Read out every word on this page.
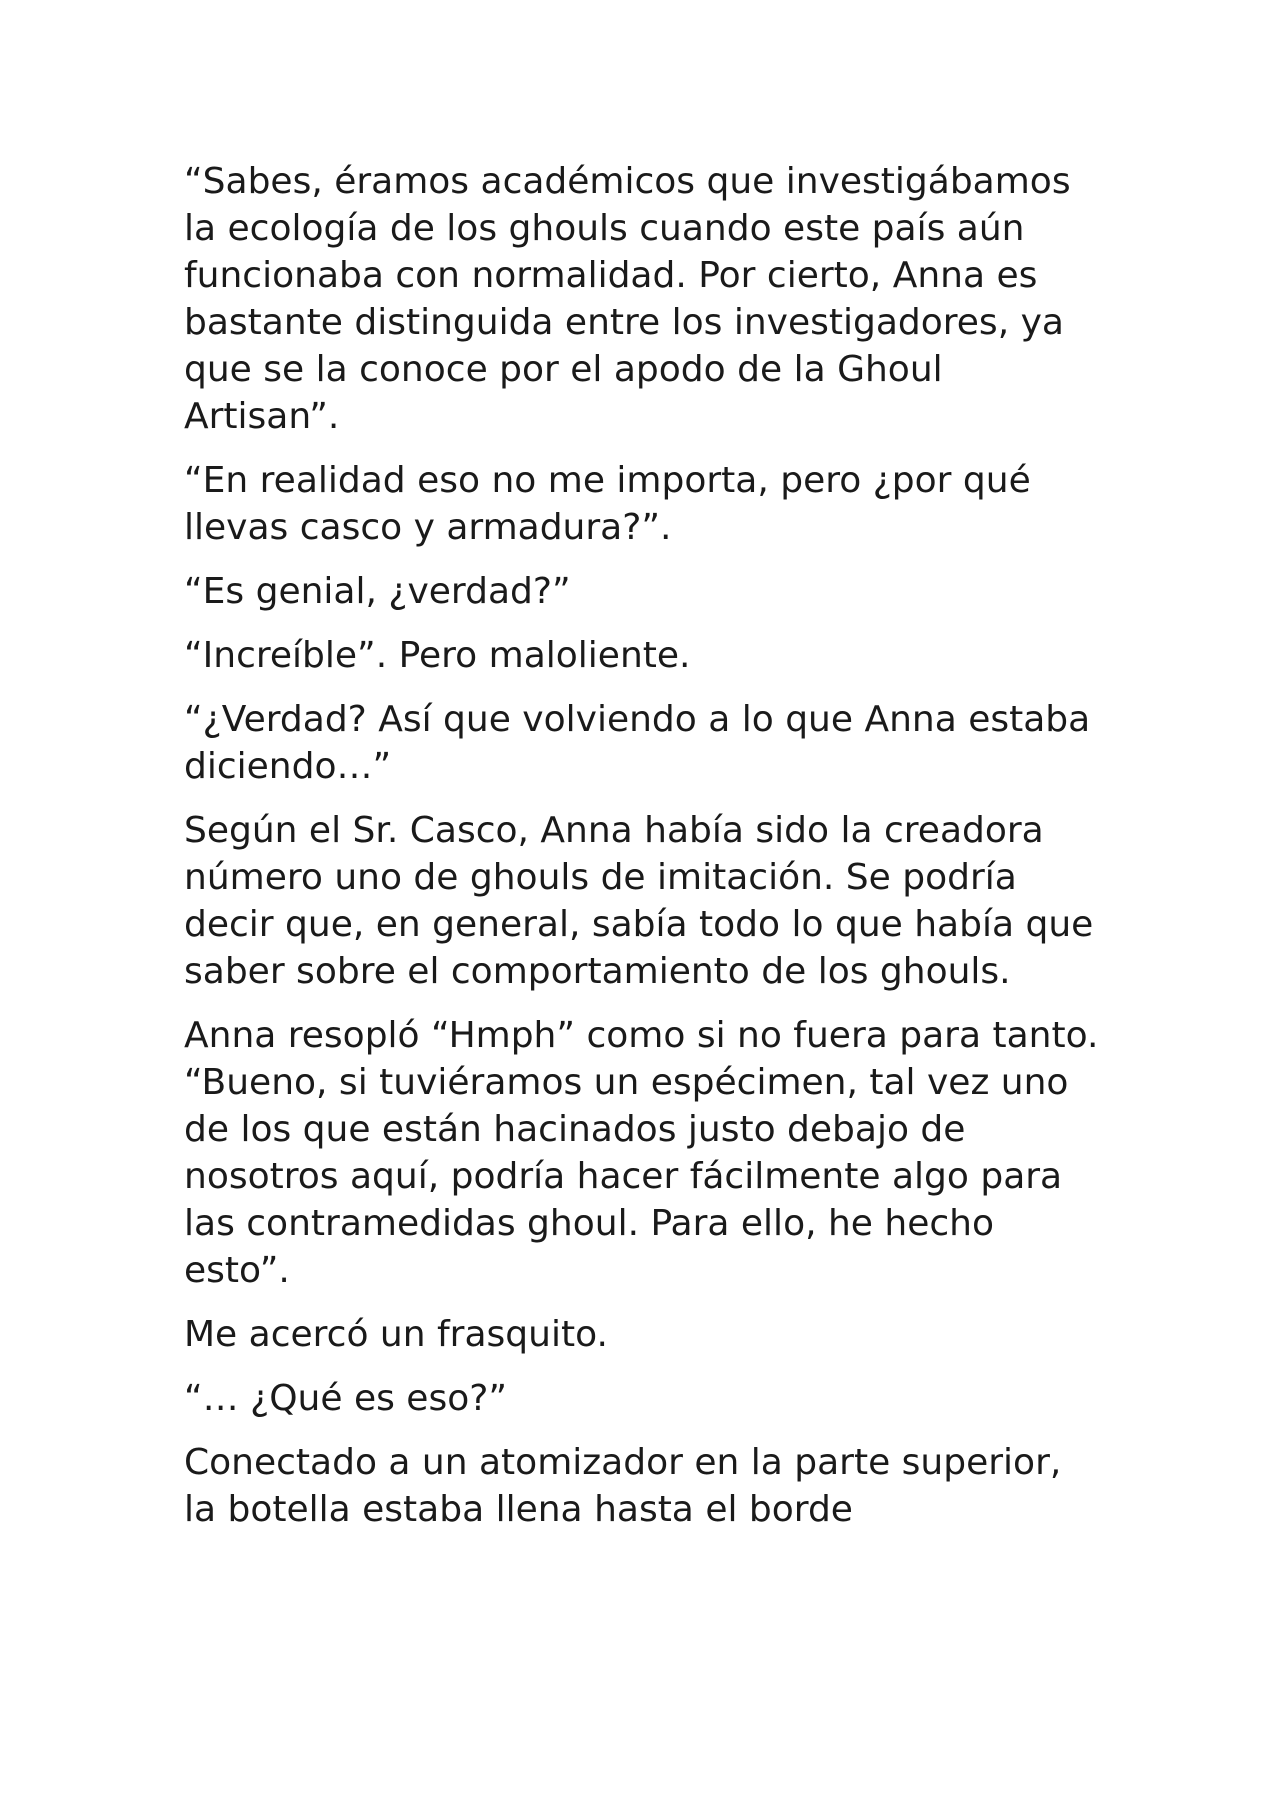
“Sabes, éramos académicos que investigábamos la ecología de los ghouls cuando este país aún funcionaba con normalidad. Por cierto, Anna es bastante distinguida entre los investigadores, ya que se la conoce por el apodo de la Ghoul Artisan”.

“En realidad eso no me importa, pero ¿por qué llevas casco y armadura?”.

“Es genial, ¿verdad?”

“Increíble”. Pero maloliente.

“¿Verdad? Así que volviendo a lo que Anna estaba diciendo…”

Según el Sr. Casco, Anna había sido la creadora número uno de ghouls de imitación. Se podría decir que, en general, sabía todo lo que había que saber sobre el comportamiento de los ghouls.

Anna resopló “Hmph” como si no fuera para tanto. “Bueno, si tuviéramos un espécimen, tal vez uno de los que están hacinados justo debajo de nosotros aquí, podría hacer fácilmente algo para las contramedidas ghoul. Para ello, he hecho esto”.

Me acercó un frasquito.

“… ¿Qué es eso?”

Conectado a un atomizador en la parte superior, la botella estaba llena hasta el borde
